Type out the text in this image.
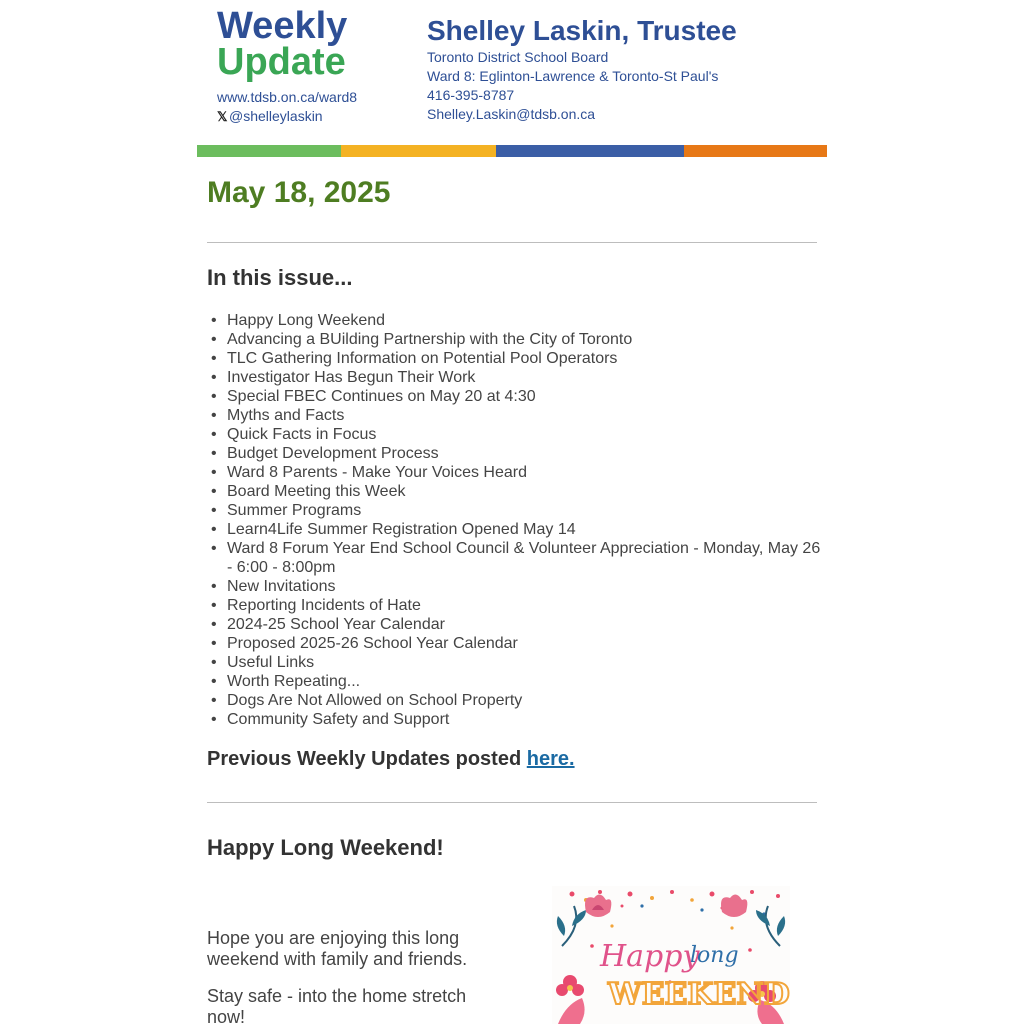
Weekly
Update
www.tdsb.on.ca/ward8
𝕏 @shelleylaskin
Shelley Laskin, Trustee
Toronto District School Board
Ward 8: Eglinton-Lawrence & Toronto-St Paul's
416-395-8787
Shelley.Laskin@tdsb.on.ca
May 18, 2025
In this issue...
• Happy Long Weekend
• Advancing a BUilding Partnership with the City of Toronto
• TLC Gathering Information on Potential Pool Operators
• Investigator Has Begun Their Work
• Special FBEC Continues on May 20 at 4:30
• Myths and Facts
• Quick Facts in Focus
• Budget Development Process
• Ward 8 Parents - Make Your Voices Heard
• Board Meeting this Week
• Summer Programs
• Learn4Life Summer Registration Opened May 14
• Ward 8 Forum Year End School Council & Volunteer Appreciation - Monday, May 26 - 6:00 - 8:00pm
• New Invitations
• Reporting Incidents of Hate
• 2024-25 School Year Calendar
• Proposed 2025-26 School Year Calendar
• Useful Links
• Worth Repeating...
• Dogs Are Not Allowed on School Property
• Community Safety and Support
Previous Weekly Updates posted here.
Happy Long Weekend!
Hope you are enjoying this long weekend with family and friends.
Stay safe - into the home stretch now!
Happy
long
WEEKEND
